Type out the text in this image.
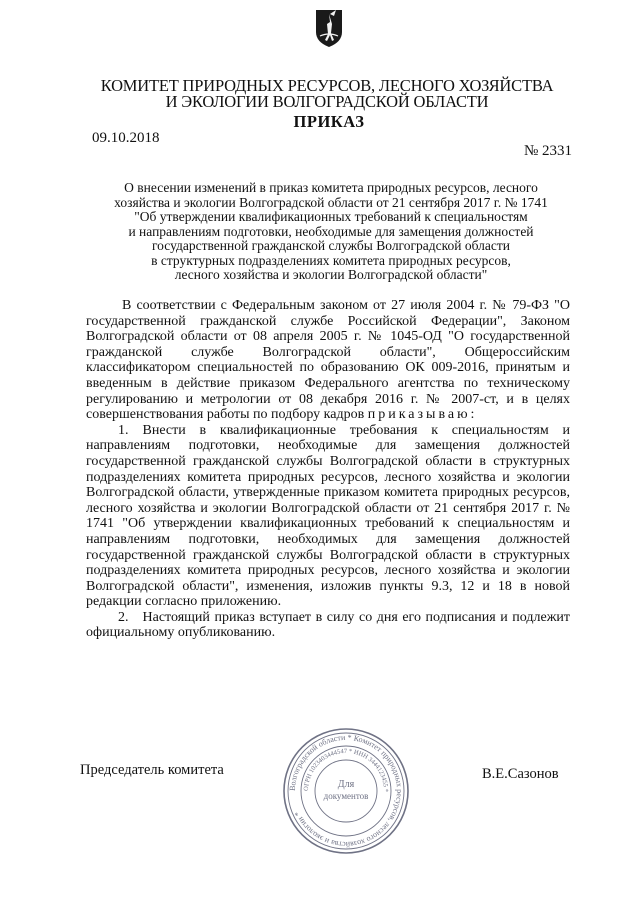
КОМИТЕТ ПРИРОДНЫХ РЕСУРСОВ, ЛЕСНОГО ХОЗЯЙСТВА
И ЭКОЛОГИИ ВОЛГОГРАДСКОЙ ОБЛАСТИ
ПРИКАЗ
09.10.2018
№ 2331
О внесении изменений в приказ комитета природных ресурсов, лесного
хозяйства и экологии Волгоградской области от 21 сентября 2017 г. № 1741
"Об утверждении квалификационных требований к специальностям
и направлениям подготовки, необходимые для замещения должностей
государственной гражданской службы Волгоградской области
в структурных подразделениях комитета природных ресурсов,
лесного хозяйства и экологии Волгоградской области"

В соответствии с Федеральным законом от 27 июля 2004 г. № 79-ФЗ "О государственной гражданской службе Российской Федерации", Законом Волгоградской области от 08 апреля 2005 г. № 1045-ОД "О государственной гражданской службе Волгоградской области", Общероссийским классификатором специальностей по образованию ОК 009-2016, принятым и введенным в действие приказом Федерального агентства по техническому регулированию и метрологии от 08 декабря 2016 г. № 2007-ст, и в целях совершенствования работы по подбору кадров приказываю:

1. Внести в квалификационные требования к специальностям и направлениям подготовки, необходимые для замещения должностей государственной гражданской службы Волгоградской области в структурных подразделениях комитета природных ресурсов, лесного хозяйства и экологии Волгоградской области, утвержденные приказом комитета природных ресурсов, лесного хозяйства и экологии Волгоградской области от 21 сентября 2017 г. № 1741 "Об утверждении квалификационных требований к специальностям и направлениям подготовки, необходимых для замещения должностей государственной гражданской службы Волгоградской области в структурных подразделениях комитета природных ресурсов, лесного хозяйства и экологии Волгоградской области", изменения, изложив пункты 9.3, 12 и 18 в новой редакции согласно приложению.

2. Настоящий приказ вступает в силу со дня его подписания и подлежит официальному опубликованию.

Председатель комитета	В.Е.Сазонов
Волгоградской области * Комитет природных ресурсов, лесного хозяйства и экологии *
ОГРН 1023403444547 * ИНН 3444123455 *
Для
документов
